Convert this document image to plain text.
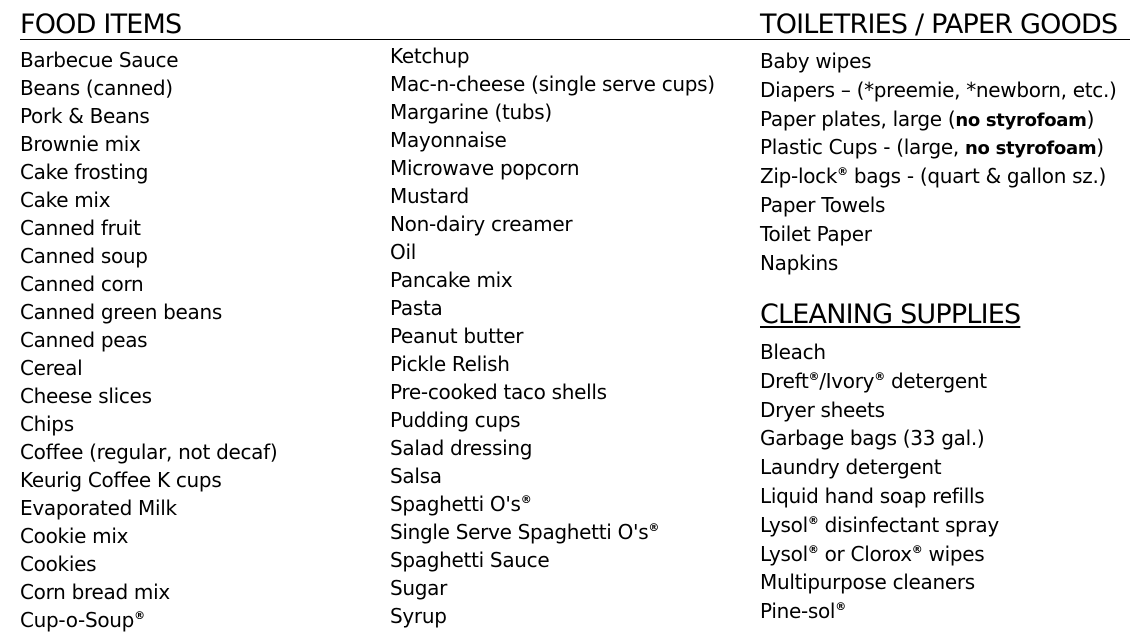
FOOD ITEMS
Barbecue Sauce
Beans (canned)
Pork & Beans
Brownie mix
Cake frosting
Cake mix
Canned fruit
Canned soup
Canned corn
Canned green beans
Canned peas
Cereal
Cheese slices
Chips
Coffee (regular, not decaf)
Keurig Coffee K cups
Evaporated Milk
Cookie mix
Cookies
Corn bread mix
Cup-o-Soup®
Ketchup
Mac-n-cheese (single serve cups)
Margarine (tubs)
Mayonnaise
Microwave popcorn
Mustard
Non-dairy creamer
Oil
Pancake mix
Pasta
Peanut butter
Pickle Relish
Pre-cooked taco shells
Pudding cups
Salad dressing
Salsa
Spaghetti O's®
Single Serve Spaghetti O's®
Spaghetti Sauce
Sugar
Syrup
TOILETRIES / PAPER GOODS
Baby wipes
Diapers – (*preemie, *newborn, etc.)
Paper plates, large (no styrofoam)
Plastic Cups - (large, no styrofoam)
Zip-lock® bags - (quart & gallon sz.)
Paper Towels
Toilet Paper
Napkins
CLEANING SUPPLIES
Bleach
Dreft®/Ivory® detergent
Dryer sheets
Garbage bags (33 gal.)
Laundry detergent
Liquid hand soap refills
Lysol® disinfectant spray
Lysol® or Clorox® wipes
Multipurpose cleaners
Pine-sol®
